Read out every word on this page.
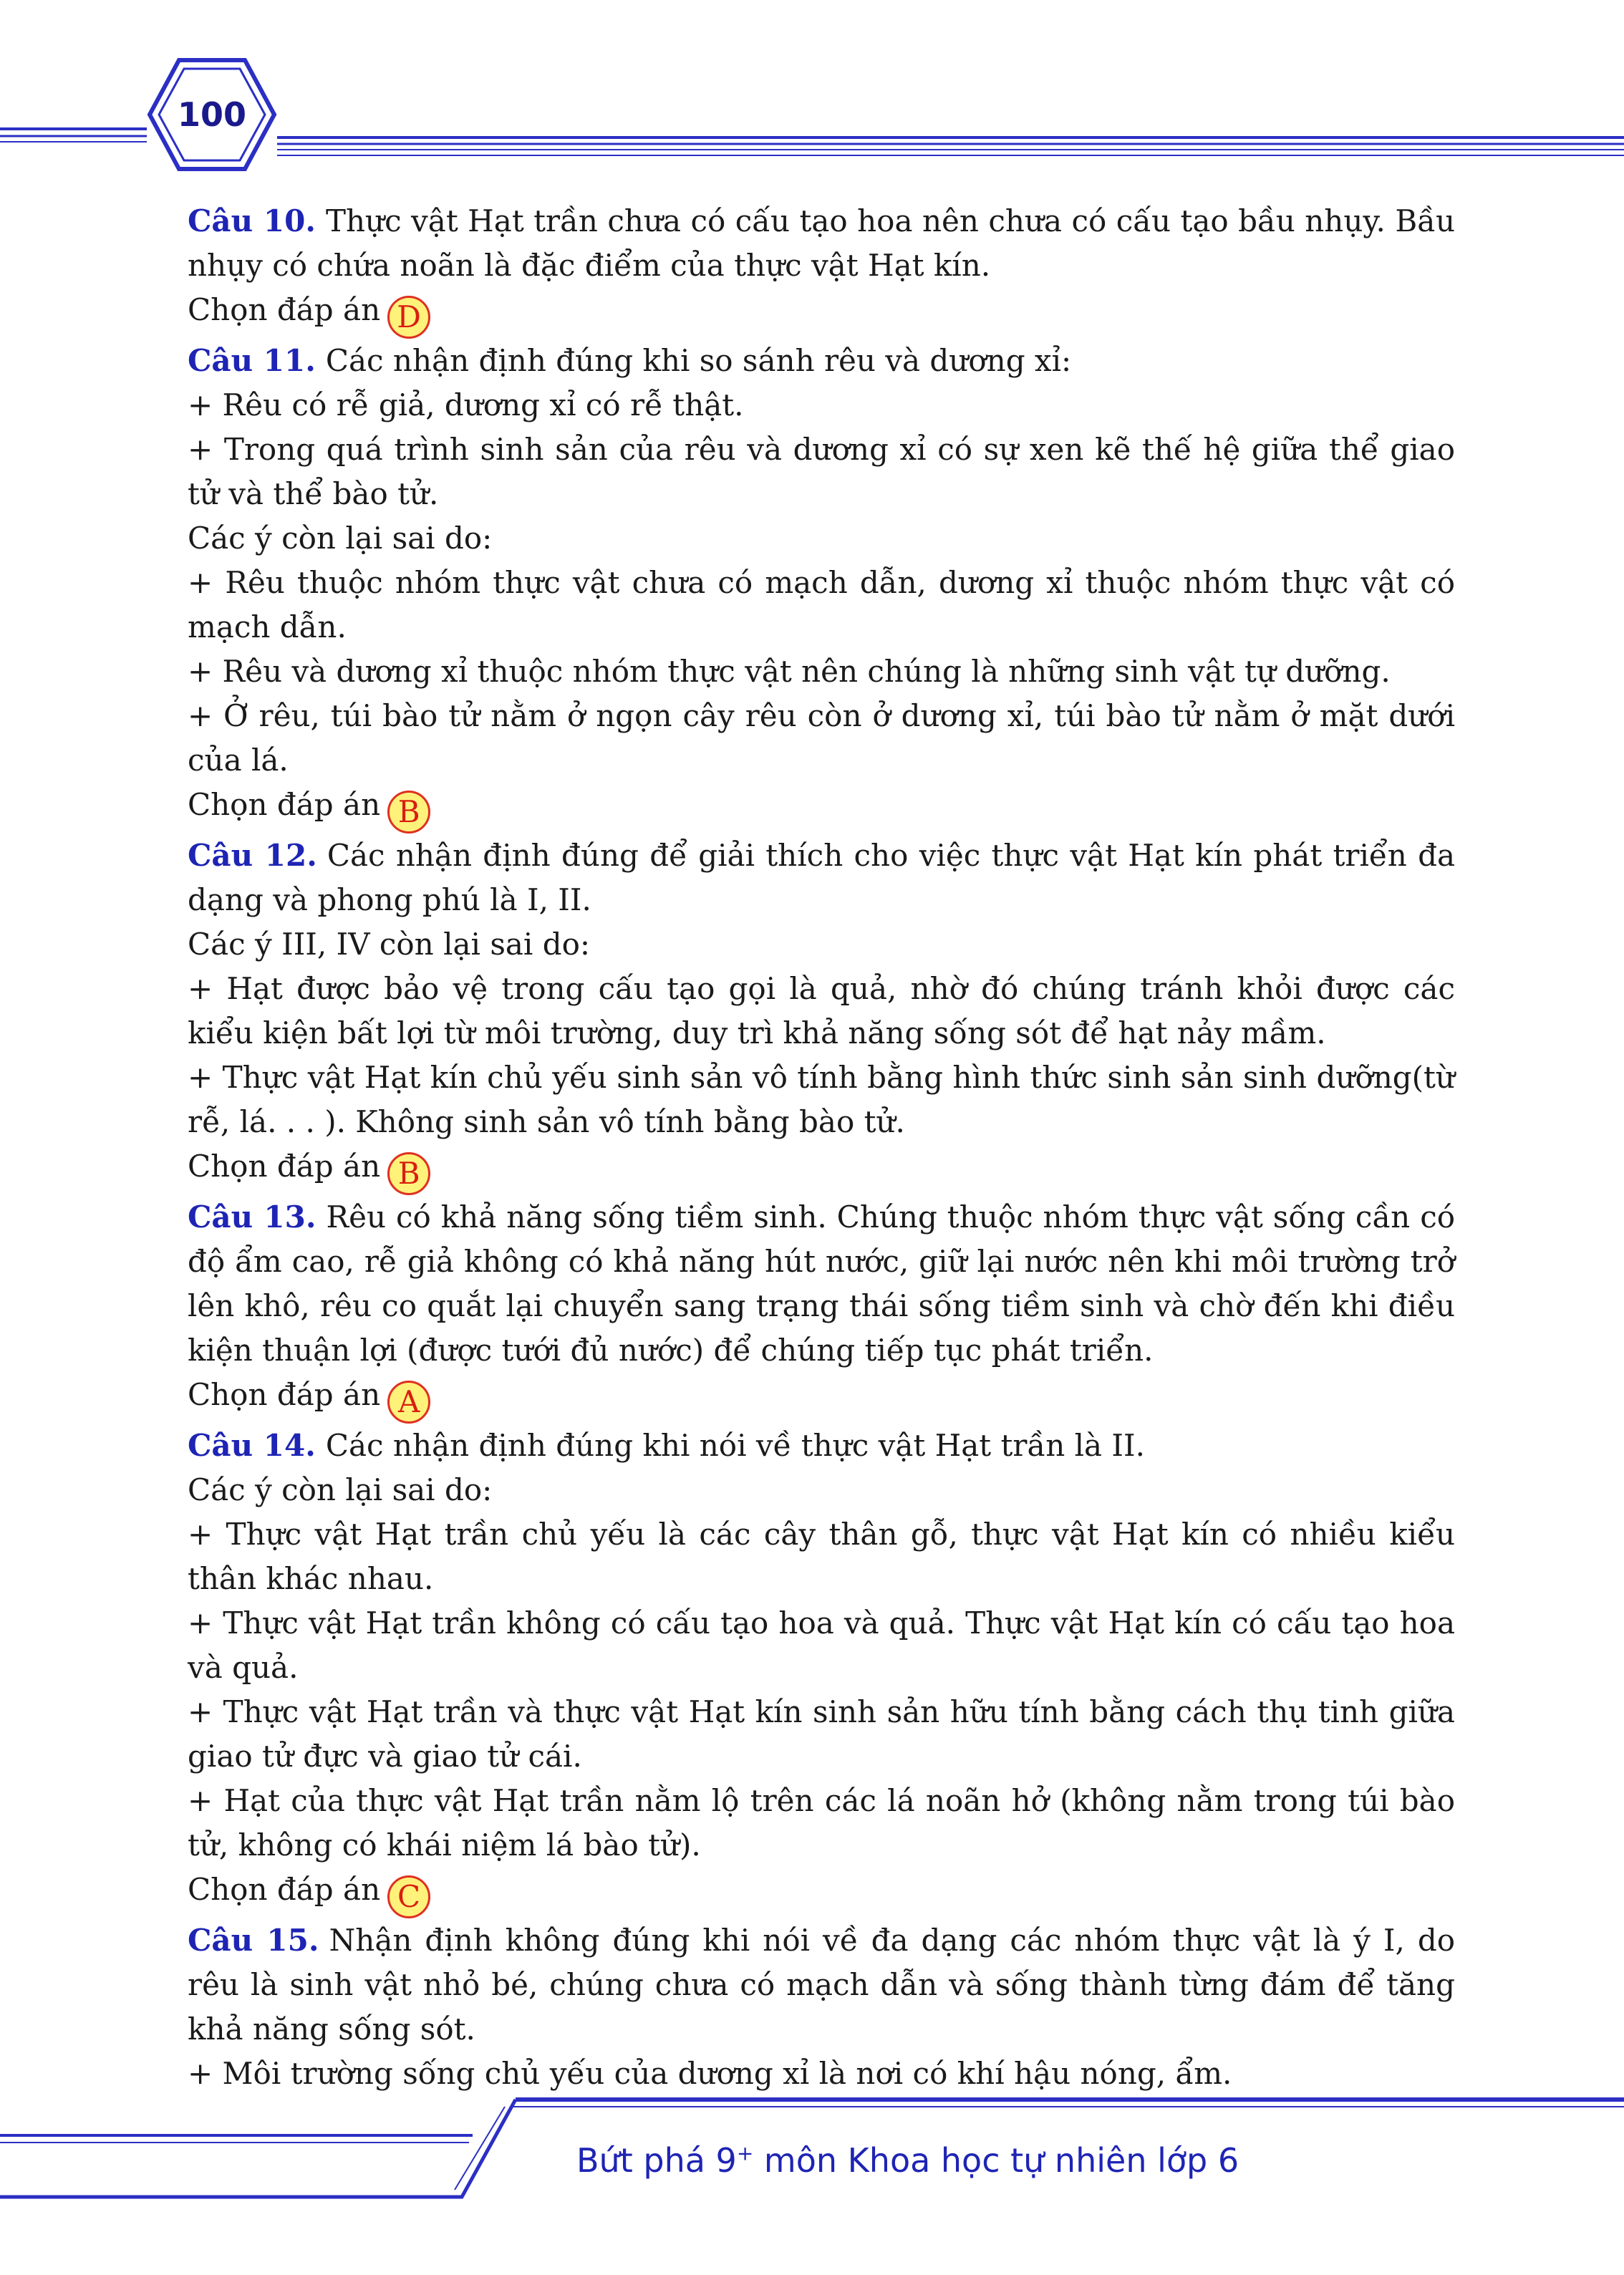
100

Câu 10. Thực vật Hạt trần chưa có cấu tạo hoa nên chưa có cấu tạo bầu nhụy. Bầu nhụy có chứa noãn là đặc điểm của thực vật Hạt kín.

Chọn đáp án D

Câu 11. Các nhận định đúng khi so sánh rêu và dương xỉ:

+ Rêu có rễ giả, dương xỉ có rễ thật.

+ Trong quá trình sinh sản của rêu và dương xỉ có sự xen kẽ thế hệ giữa thể giao tử và thể bào tử.

Các ý còn lại sai do:

+ Rêu thuộc nhóm thực vật chưa có mạch dẫn, dương xỉ thuộc nhóm thực vật có mạch dẫn.

+ Rêu và dương xỉ thuộc nhóm thực vật nên chúng là những sinh vật tự dưỡng.

+ Ở rêu, túi bào tử nằm ở ngọn cây rêu còn ở dương xỉ, túi bào tử nằm ở mặt dưới của lá.

Chọn đáp án B

Câu 12. Các nhận định đúng để giải thích cho việc thực vật Hạt kín phát triển đa dạng và phong phú là I, II.

Các ý III, IV còn lại sai do:

+ Hạt được bảo vệ trong cấu tạo gọi là quả, nhờ đó chúng tránh khỏi được các kiểu kiện bất lợi từ môi trường, duy trì khả năng sống sót để hạt nảy mầm.

+ Thực vật Hạt kín chủ yếu sinh sản vô tính bằng hình thức sinh sản sinh dưỡng(từ rễ, lá. . . ). Không sinh sản vô tính bằng bào tử.

Chọn đáp án B

Câu 13. Rêu có khả năng sống tiềm sinh. Chúng thuộc nhóm thực vật sống cần có độ ẩm cao, rễ giả không có khả năng hút nước, giữ lại nước nên khi môi trường trở lên khô, rêu co quắt lại chuyển sang trạng thái sống tiềm sinh và chờ đến khi điều kiện thuận lợi (được tưới đủ nước) để chúng tiếp tục phát triển.

Chọn đáp án A

Câu 14. Các nhận định đúng khi nói về thực vật Hạt trần là II.

Các ý còn lại sai do:

+ Thực vật Hạt trần chủ yếu là các cây thân gỗ, thực vật Hạt kín có nhiều kiểu thân khác nhau.

+ Thực vật Hạt trần không có cấu tạo hoa và quả. Thực vật Hạt kín có cấu tạo hoa và quả.

+ Thực vật Hạt trần và thực vật Hạt kín sinh sản hữu tính bằng cách thụ tinh giữa giao tử đực và giao tử cái.

+ Hạt của thực vật Hạt trần nằm lộ trên các lá noãn hở (không nằm trong túi bào tử, không có khái niệm lá bào tử).

Chọn đáp án C

Câu 15. Nhận định không đúng khi nói về đa dạng các nhóm thực vật là ý I, do rêu là sinh vật nhỏ bé, chúng chưa có mạch dẫn và sống thành từng đám để tăng khả năng sống sót.

+ Môi trường sống chủ yếu của dương xỉ là nơi có khí hậu nóng, ẩm.

Bứt phá 9+ môn Khoa học tự nhiên lớp 6
